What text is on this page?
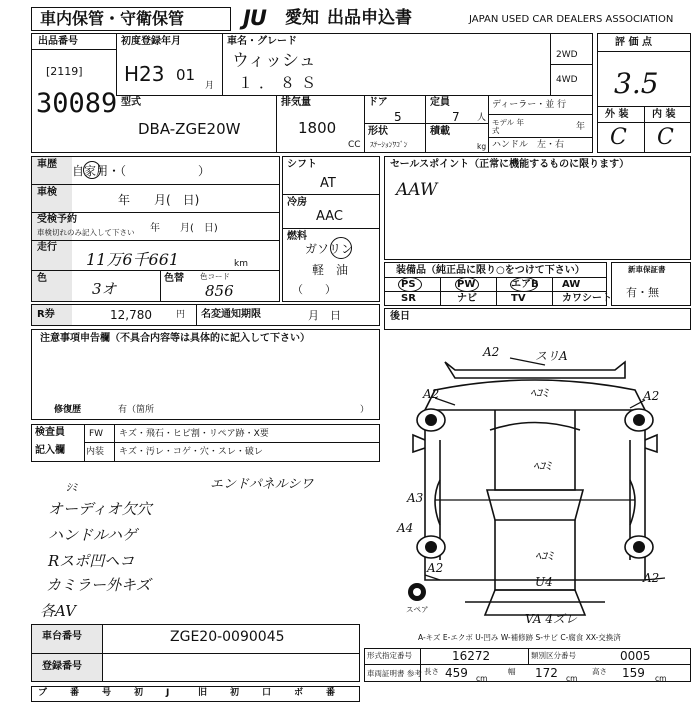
車内保管・守衛保管	JU 愛知 出品申込書	JAPAN USED CAR DEALERS ASSOCIATION
出品番号
[2119]
30089
初度登録年月
H23 01
月
車名・グレード
ウィッシュ
１．８Ｓ
2WD
4WD
型式
DBA-ZGE20W
排気量
1800
CC
ドア
5
定員
7 人
形状
ｽﾃｰｼｮﾝﾜｺﾞﾝ
積載
kg
ディーラー・並 行
モデル 年式	年
ハンドル　左・右
評 価 点
3.5
外 装 内 装
C C
車歴 自家用・（　　　　　　）
車検
年　　月(　日)
受検予約
車検切れのみ記入して下さい 年　　月(　日)
走行
11万6千661	km
色
3オ
色替 色コード
856
R券	12,780	円 名変通知期限	月　日
シフト
AT
冷房
AAC
燃料
ガソリン
軽　油
（　　）
セールスポイント（正常に機能するものに限ります）
AAW
装備品（純正品に限り○をつけて下さい）	新車保証書
有・無
後日
注意事項申告欄（不具合内容等は具体的に記入して下さい）
修復歴	有（箇所	）
検査員
記入欄
FW キズ・飛石・ヒビ割・リペア跡・X要
内装 キズ・汚レ・コゲ・穴・スレ・破レ
ｼﾐ	エンドパネルシワ
オーディオ欠穴
ハンドルハゲ
Rスポ凹ヘコ
カミラー外キズ
各AV
A2	スリA
A2	A2
A3
A4
A2
A2
ﾍｺﾐ
ﾍｺﾐ
ﾍｺﾐ
U4
VA 4ズレ
スペア
A-キズ E-エクボ U-凹み W-補修跡 S-サビ C-腐食 XX-交換済
車台番号	ZGE20-0090045
登録番号
形式指定番号	16272	類別区分番号	0005
車両証明書 参考 長さ 459 cm
幅 172 cm
高さ 159 cm
PS	PW	エアB AW
SR	ナビ	TV	カワシート
ブ	番	号	初	J	旧	初	口	ボ	番
